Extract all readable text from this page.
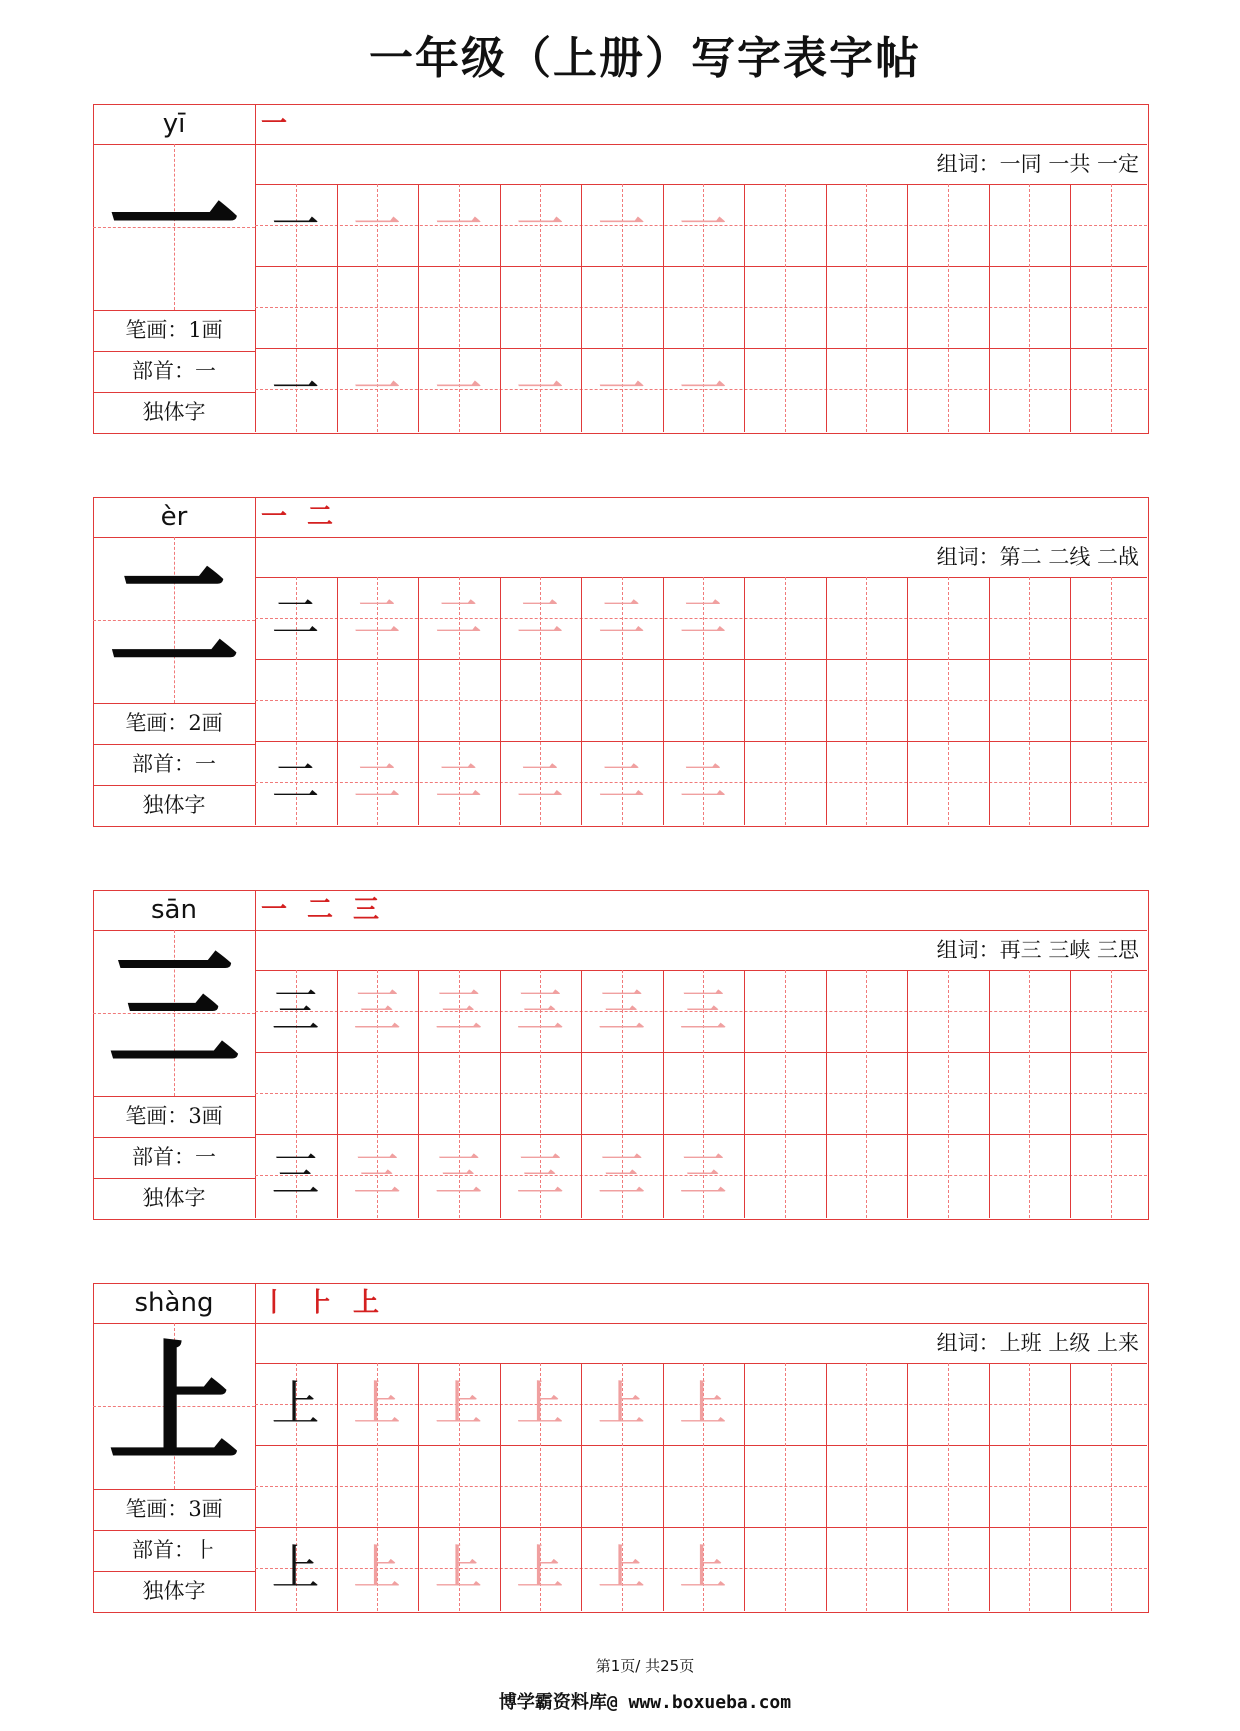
一年级（上册）写字表字帖
yī
一
笔画：1画
部首：一
独体字
一
组词：一同 一共 一定
一 一 一 一 一 一
一 一 一 一 一 一
èr
二
笔画：2画
部首：一
独体字
一 二
组词：第二 二线 二战
二 二 二 二 二 二
二 二 二 二 二 二
sān
三
笔画：3画
部首：一
独体字
一 二 三
组词：再三 三峡 三思
三 三 三 三 三 三
三 三 三 三 三 三
shàng
上
笔画：3画
部首：⺊
独体字
丨 ⺊ 上
组词：上班 上级 上来
上 上 上 上 上 上
上 上 上 上 上 上
第1页/ 共25页
博学霸资料库@ www.boxueba.com
